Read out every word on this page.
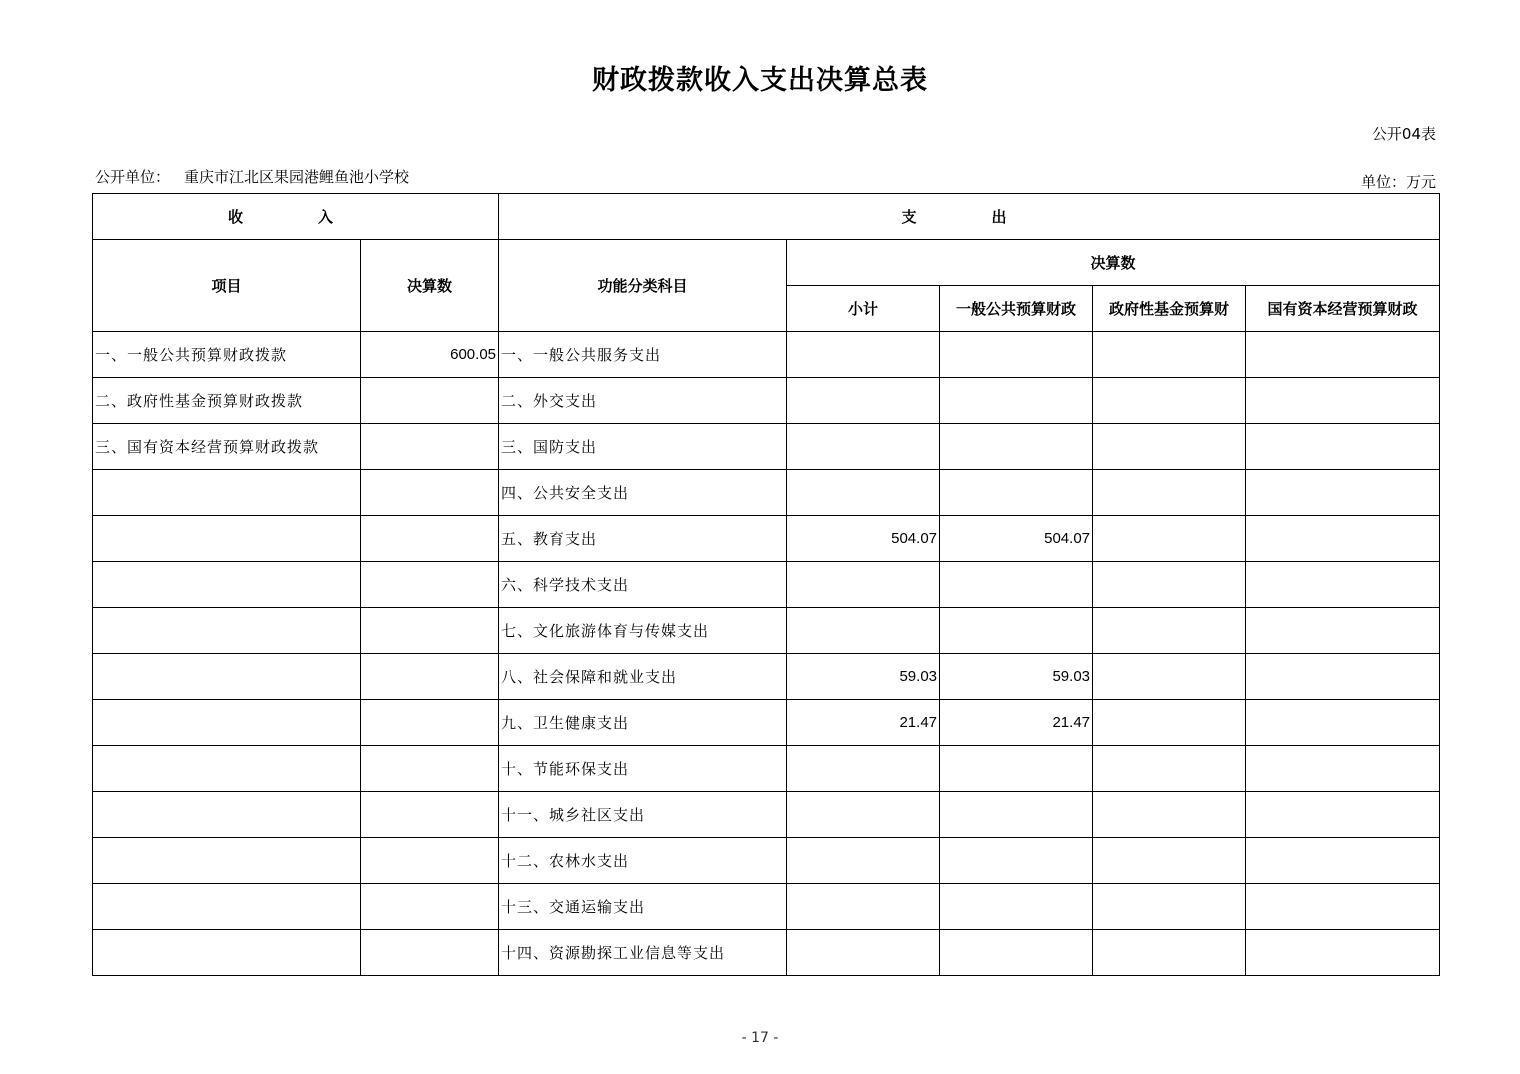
财政拨款收入支出决算总表
公开04表
公开单位： 重庆市江北区果园港鲤鱼池小学校	单位：万元
收　入		支　出				
项目	决算数	功能分类科目	决算数			
			小计	一般公共预算财政	政府性基金预算财	国有资本经营预算财政
一、一般公共预算财政拨款	600.05	一、一般公共服务支出				
二、政府性基金预算财政拨款		二、外交支出				
三、国有资本经营预算财政拨款		三、国防支出				
		四、公共安全支出				
		五、教育支出	504.07	504.07		
		六、科学技术支出				
		七、文化旅游体育与传媒支出				
		八、社会保障和就业支出	59.03	59.03		
		九、卫生健康支出	21.47	21.47		
		十、节能环保支出				
		十一、城乡社区支出				
		十二、农林水支出				
		十三、交通运输支出				
		十四、资源勘探工业信息等支出				
- 17 -
